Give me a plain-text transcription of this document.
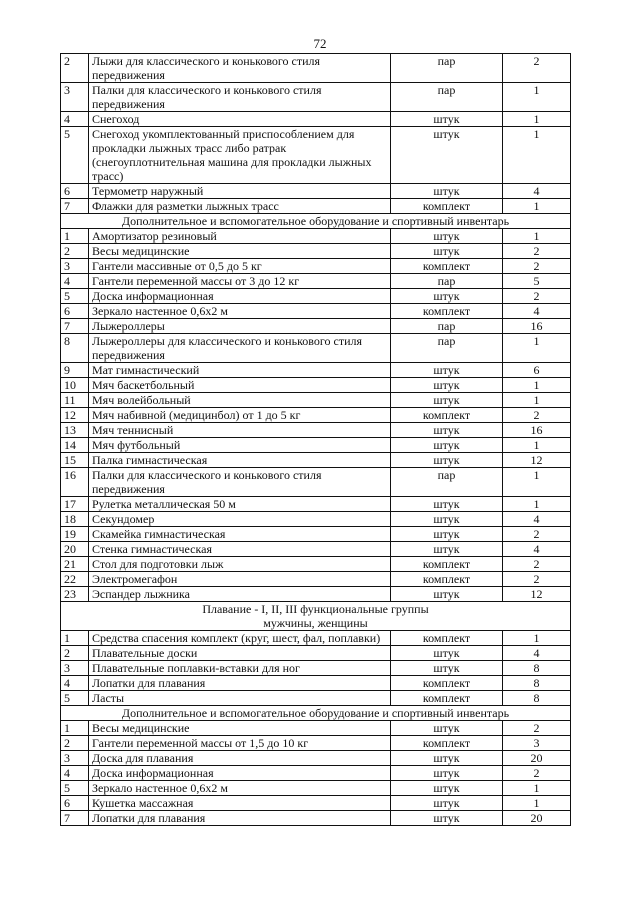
72
2	Лыжи для классического и конькового стиля передвижения	пар	2
3	Палки для классического и конькового стиля передвижения	пар	1
4	Снегоход	штук	1
5	Снегоход укомплектованный приспособлением для прокладки лыжных трасс либо ратрак (снегоуплотнительная машина для прокладки лыжных трасс)	штук	1
6	Термометр наружный	штук	4
7	Флажки для разметки лыжных трасс	комплект	1

Дополнительное и вспомогательное оборудование и спортивный инвентарь			

1	Амортизатор резиновый	штук	1
2	Весы медицинские	штук	2
3	Гантели массивные от 0,5 до 5 кг	комплект	2
4	Гантели переменной массы от 3 до 12 кг	пар	5
5	Доска информационная	штук	2
6	Зеркало настенное 0,6х2 м	комплект	4
7	Лыжероллеры	пар	16
8	Лыжероллеры для классического и конькового стиля передвижения	пар	1
9	Мат гимнастический	штук	6
10	Мяч баскетбольный	штук	1
11	Мяч волейбольный	штук	1
12	Мяч набивной (медицинбол) от 1 до 5 кг	комплект	2
13	Мяч теннисный	штук	16
14	Мяч футбольный	штук	1
15	Палка гимнастическая	штук	12
16	Палки для классического и конькового стиля передвижения	пар	1
17	Рулетка металлическая 50 м	штук	1
18	Секундомер	штук	4
19	Скамейка гимнастическая	штук	2
20	Стенка гимнастическая	штук	4
21	Стол для подготовки лыж	комплект	2
22	Электромегафон	комплект	2
23	Эспандер лыжника	штук	12

Плавание - I, II, III функциональные группы
мужчины, женщины			

1	Средства спасения комплект (круг, шест, фал, поплавки)	комплект	1
2	Плавательные доски	штук	4
3	Плавательные поплавки-вставки для ног	штук	8
4	Лопатки для плавания	комплект	8
5	Ласты	комплект	8

Дополнительное и вспомогательное оборудование и спортивный инвентарь			

1	Весы медицинские	штук	2
2	Гантели переменной массы от 1,5 до 10 кг	комплект	3
3	Доска для плавания	штук	20
4	Доска информационная	штук	2
5	Зеркало настенное 0,6х2 м	штук	1
6	Кушетка массажная	штук	1
7	Лопатки для плавания	штук	20
